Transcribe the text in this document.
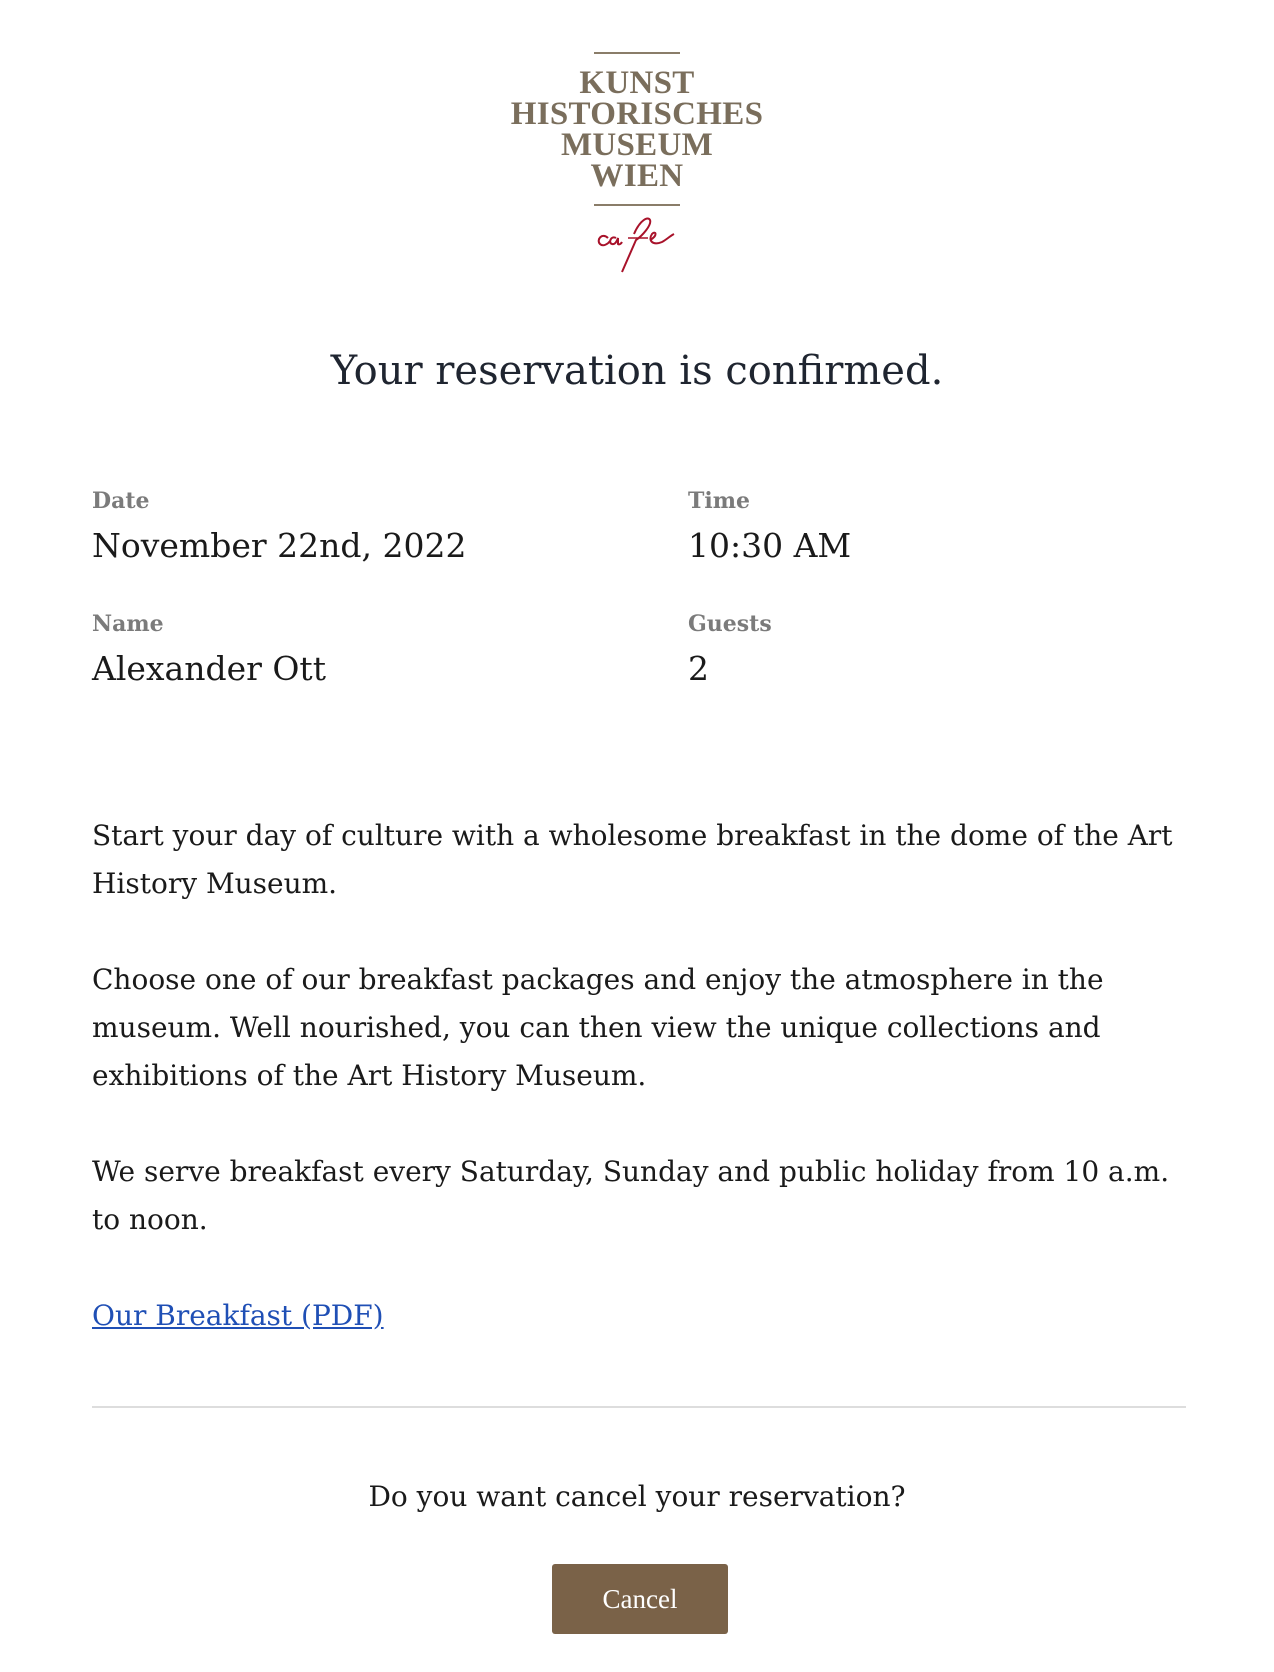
KUNST
HISTORISCHES
MUSEUM
WIEN
Your reservation is confirmed.
Date
November 22nd, 2022
Time
10:30 AM
Name
Alexander Ott
Guests
2

Start your day of culture with a wholesome breakfast in the dome of the Art History Museum.

Choose one of our breakfast packages and enjoy the atmosphere in the museum. Well nourished, you can then view the unique collections and exhibitions of the Art History Museum.

We serve breakfast every Saturday, Sunday and public holiday from 10 a.m. to noon.

Our Breakfast (PDF)

Do you want cancel your reservation?
Cancel
